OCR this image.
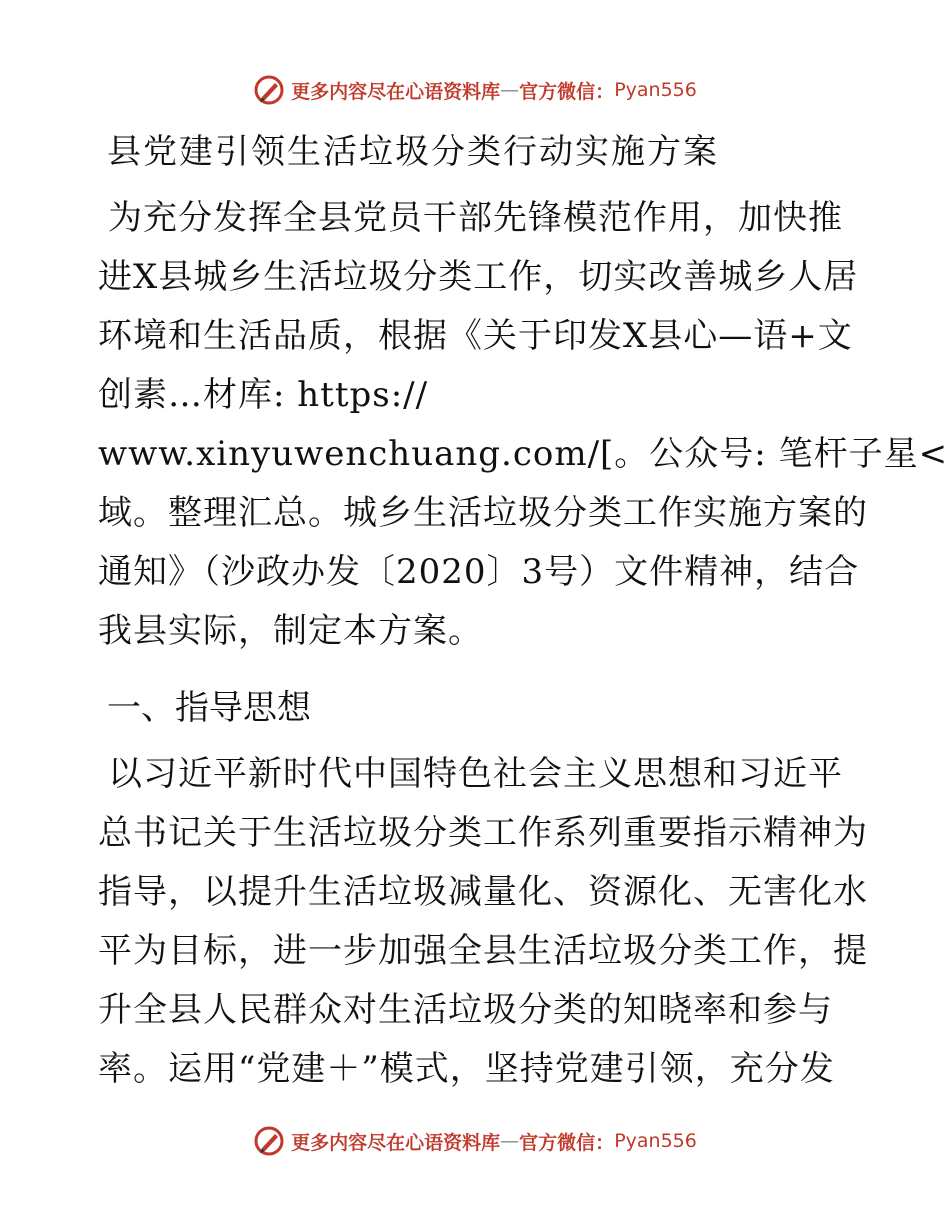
更多内容尽在心语资料库 — 官方微信： Pyan556
县党建引领生活垃圾分类行动实施方案
为充分发挥全县党员干部先锋模范作用，加快推
进X县城乡生活垃圾分类工作，切实改善城乡人居
环境和生活品质，根据《关于印发X县心—语+文
创素…材库: https://
www.xinyuwenchuang.com/[。公众号: 笔杆子星<
域。整理汇总。城乡生活垃圾分类工作实施方案的
通知》（沙政办发〔2020〕3号）文件精神，结合
我县实际，制定本方案。
一、指导思想
以习近平新时代中国特色社会主义思想和习近平
总书记关于生活垃圾分类工作系列重要指示精神为
指导，以提升生活垃圾减量化、资源化、无害化水
平为目标，进一步加强全县生活垃圾分类工作，提
升全县人民群众对生活垃圾分类的知晓率和参与
率。运用“党建＋”模式，坚持党建引领，充分发
更多内容尽在心语资料库 — 官方微信： Pyan556
